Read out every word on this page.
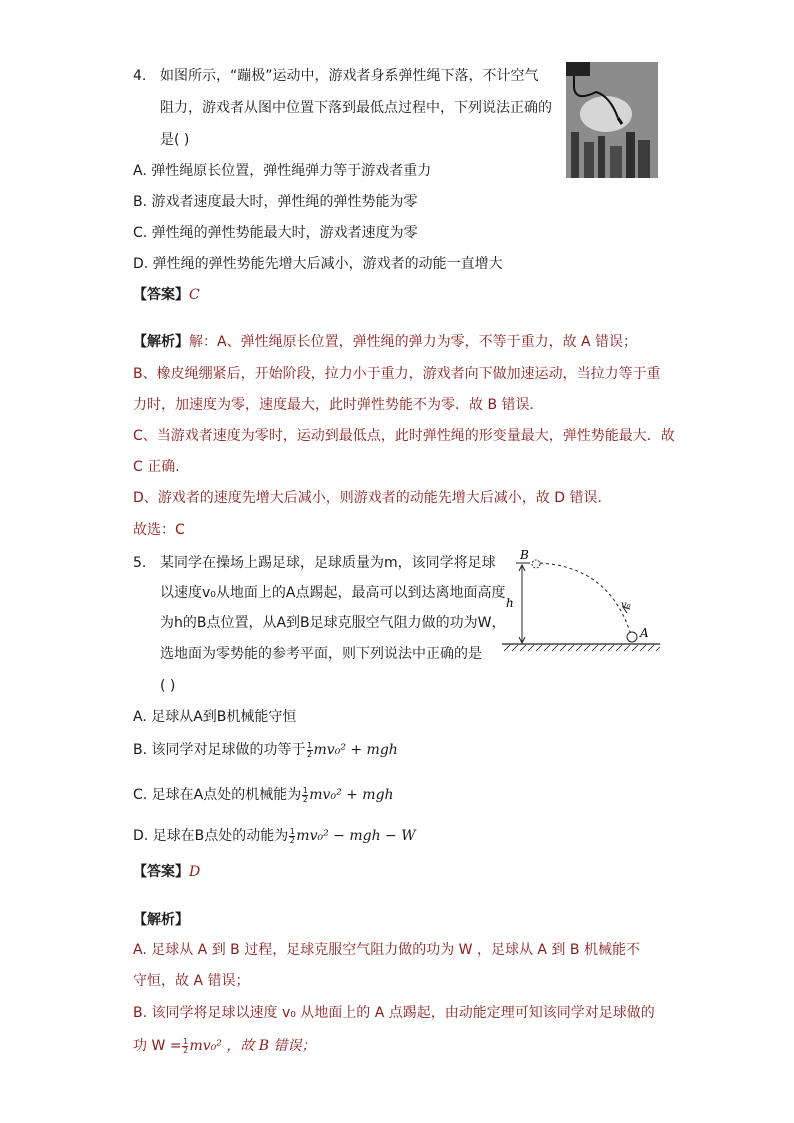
4. 如图所示，“蹦极”运动中，游戏者身系弹性绳下落，不计空气
阻力，游戏者从图中位置下落到最低点过程中，下列说法正确的
是( )
A. 弹性绳原长位置，弹性绳弹力等于游戏者重力
B. 游戏者速度最大时，弹性绳的弹性势能为零
C. 弹性绳的弹性势能最大时，游戏者速度为零
D. 弹性绳的弹性势能先增大后减小，游戏者的动能一直增大
【答案】C
【解析】解：A、弹性绳原长位置，弹性绳的弹力为零，不等于重力，故 A 错误；
B、橡皮绳绷紧后，开始阶段，拉力小于重力，游戏者向下做加速运动，当拉力等于重
力时，加速度为零，速度最大，此时弹性势能不为零．故 B 错误．
C、当游戏者速度为零时，运动到最低点，此时弹性绳的形变量最大，弹性势能最大．故
C 正确．
D、游戏者的速度先增大后减小，则游戏者的动能先增大后减小，故 D 错误．
故选：C
5. 某同学在操场上踢足球，足球质量为m，该同学将足球
以速度v₀从地面上的A点踢起，最高可以到达离地面高度
为h的B点位置，从A到B足球克服空气阻力做的功为W，
选地面为零势能的参考平面，则下列说法中正确的是
( )
B
h	v₀
A
A. 足球从A到B机械能守恒
B. 该同学对足球做的功等于 $\frac{1}{2} mv_0^2$ + mgh
C. 足球在A点处的机械能为 $\frac{1}{2} mv_0^2$ + mgh
D. 足球在B点处的动能为 $\frac{1}{2} mv_0^2$ − mgh − W
【答案】D
【解析】
A. 足球从 A 到 B 过程，足球克服空气阻力做的功为 W ，足球从 A 到 B 机械能不
守恒，故 A 错误；
B. 该同学将足球以速度 v₀ 从地面上的 A 点踢起，由动能定理可知该同学对足球做的
功 $W = \frac{1}{2} mv_0^2$ ，故 B 错误；
